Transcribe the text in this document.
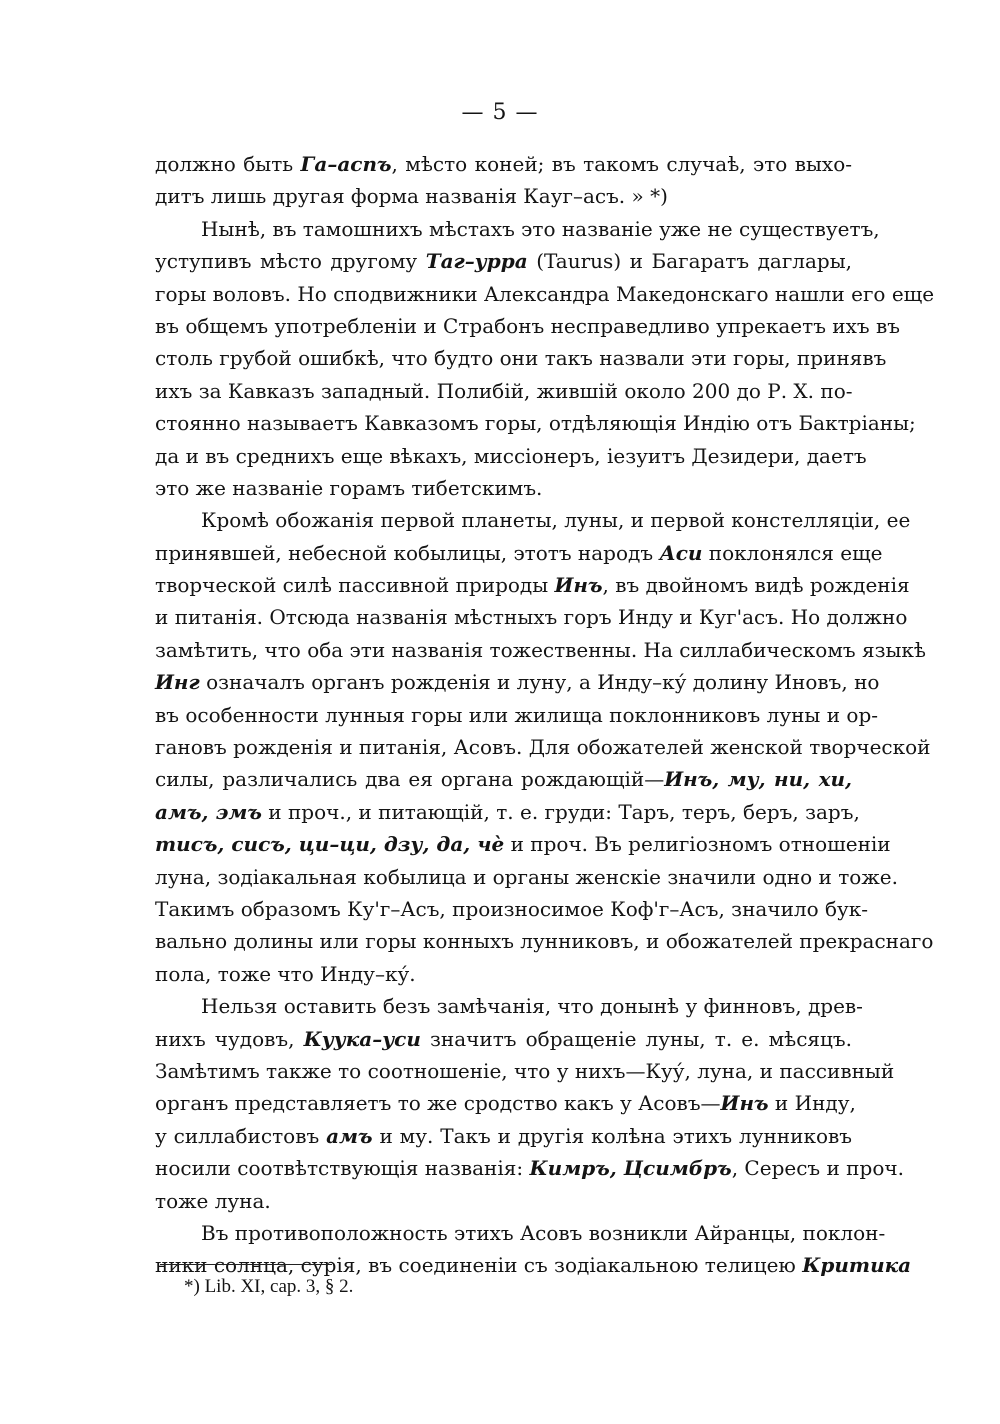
— 5 —
должно быть Га–аспъ, мѣсто коней; въ такомъ случаѣ, это выхо-
дитъ лишь другая форма названія Кауг–асъ. » *)
Нынѣ, въ тамошнихъ мѣстахъ это названіе уже не существуетъ,
уступивъ мѣсто другому Таг–урра (Taurus) и Багаратъ даглары,
горы воловъ. Но сподвижники Александра Македонскаго нашли его еще
въ общемъ употребленіи и Страбонъ несправедливо упрекаетъ ихъ въ
столь грубой ошибкѣ, что будто они такъ назвали эти горы, принявъ
ихъ за Кавказъ западный. Полибій, жившій около 200 до Р. Х. по-
стоянно называетъ Кавказомъ горы, отдѣляющія Индію отъ Бактріаны;
да и въ среднихъ еще вѣкахъ, миссіонеръ, іезуитъ Дезидери, даетъ
это же названіе горамъ тибетскимъ.
Кромѣ обожанія первой планеты, луны, и первой констелляціи, ее
принявшей, небесной кобылицы, этотъ народъ Аси поклонялся еще
творческой силѣ пассивной природы Инъ, въ двойномъ видѣ рожденія
и питанія. Отсюда названія мѣстныхъ горъ Инду и Куг'асъ. Но должно
замѣтить, что оба эти названія тожественны. На силлабическомъ языкѣ
Инг означалъ органъ рожденія и луну, а Инду–ку́ долину Иновъ, но
въ особенности лунныя горы или жилища поклонниковъ луны и ор-
гановъ рожденія и питанія, Асовъ. Для обожателей женской творческой
силы, различались два ея органа рождающій—Инъ, му, ни, хи,
амъ, эмъ и проч., и питающій, т. е. груди: Таръ, теръ, беръ, заръ,
тисъ, сисъ, ци–ци, дзу, да, чѐ и проч. Въ религіозномъ отношеніи
луна, зодіакальная кобылица и органы женскіе значили одно и тоже.
Такимъ образомъ Ку'г–Асъ, произносимое Коф'г–Асъ, значило бук-
вально долины или горы конныхъ лунниковъ, и обожателей прекраснаго
пола, тоже что Инду–ку́.
Нельзя оставить безъ замѣчанія, что донынѣ у финновъ, древ-
нихъ чудовъ, Куука–уси значитъ обращеніе луны, т. е. мѣсяцъ.
Замѣтимъ также то соотношеніе, что у нихъ—Куу́, луна, и пассивный
органъ представляетъ то же сродство какъ у Асовъ—Инъ и Инду,
у силлабистовъ амъ и му. Такъ и другія колѣна этихъ лунниковъ
носили соотвѣтствующія названія: Кимръ, Цсимбръ, Сересъ и проч.
тоже луна.
Въ противоположность этихъ Асовъ возникли Айранцы, поклон-
ники солнца, сурія, въ соединеніи съ зодіакальною телицею Критика
*) Lib. XI, cap. 3, § 2.
